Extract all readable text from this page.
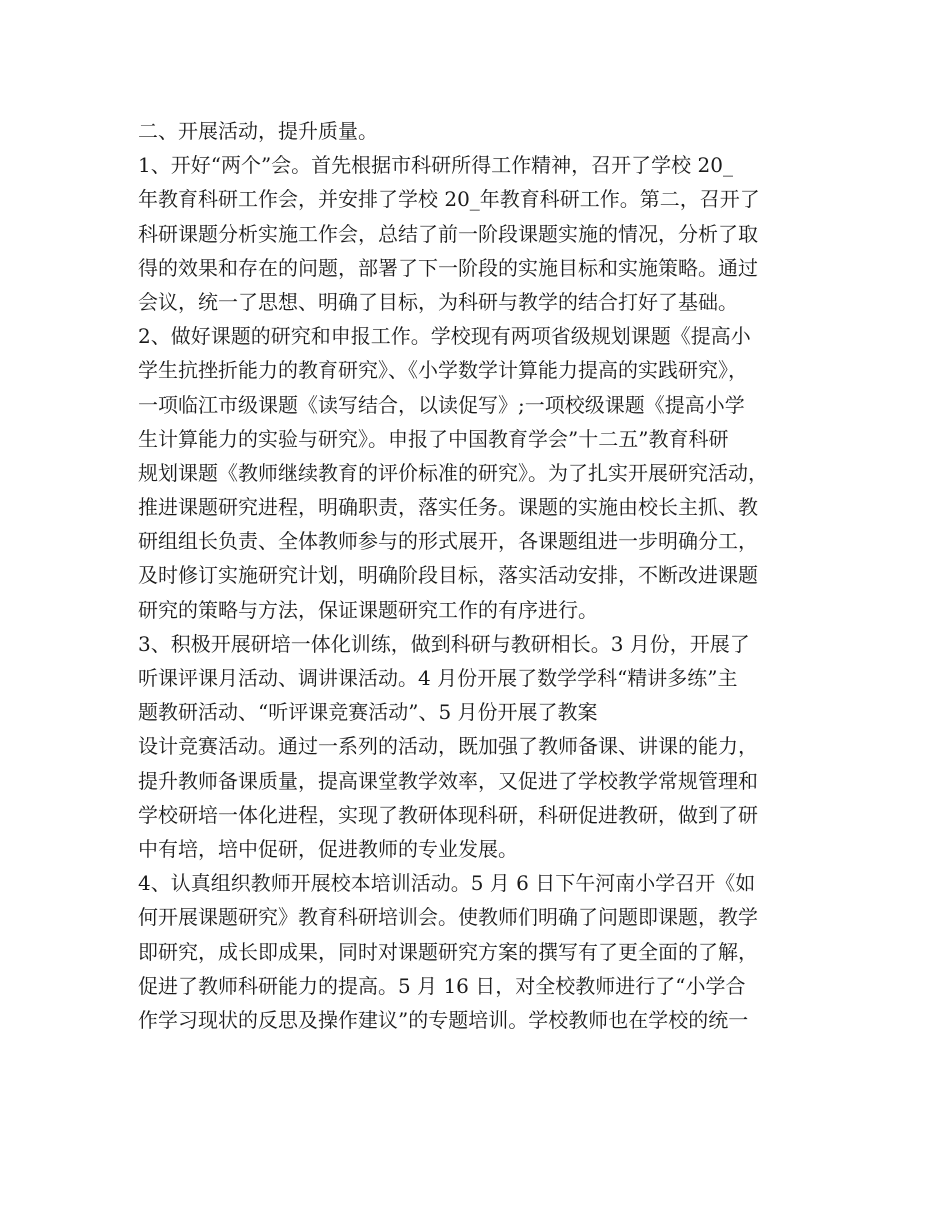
二、开展活动，提升质量。
1、开好“两个”会。首先根据市科研所得工作精神，召开了学校 20_
年教育科研工作会，并安排了学校 20_年教育科研工作。第二，召开了
科研课题分析实施工作会，总结了前一阶段课题实施的情况，分析了取
得的效果和存在的问题，部署了下一阶段的实施目标和实施策略。通过
会议，统一了思想、明确了目标，为科研与教学的结合打好了基础。
2、做好课题的研究和申报工作。学校现有两项省级规划课题《提高小
学生抗挫折能力的教育研究》、《小学数学计算能力提高的实践研究》，
一项临江市级课题《读写结合，以读促写》;一项校级课题《提高小学
生计算能力的实验与研究》。申报了中国教育学会”十二五”教育科研
规划课题《教师继续教育的评价标准的研究》。为了扎实开展研究活动，
推进课题研究进程，明确职责，落实任务。课题的实施由校长主抓、教
研组组长负责、全体教师参与的形式展开，各课题组进一步明确分工，
及时修订实施研究计划，明确阶段目标，落实活动安排，不断改进课题
研究的策略与方法，保证课题研究工作的有序进行。
3、积极开展研培一体化训练，做到科研与教研相长。3 月份，开展了
听课评课月活动、调讲课活动。4 月份开展了数学学科“精讲多练”主
题教研活动、“听评课竞赛活动”、5 月份开展了教案
设计竞赛活动。通过一系列的活动，既加强了教师备课、讲课的能力，
提升教师备课质量，提高课堂教学效率，又促进了学校教学常规管理和
学校研培一体化进程，实现了教研体现科研，科研促进教研，做到了研
中有培，培中促研，促进教师的专业发展。
4、认真组织教师开展校本培训活动。5 月 6 日下午河南小学召开《如
何开展课题研究》教育科研培训会。使教师们明确了问题即课题，教学
即研究，成长即成果，同时对课题研究方案的撰写有了更全面的了解，
促进了教师科研能力的提高。5 月 16 日，对全校教师进行了“小学合
作学习现状的反思及操作建议”的专题培训。学校教师也在学校的统一
